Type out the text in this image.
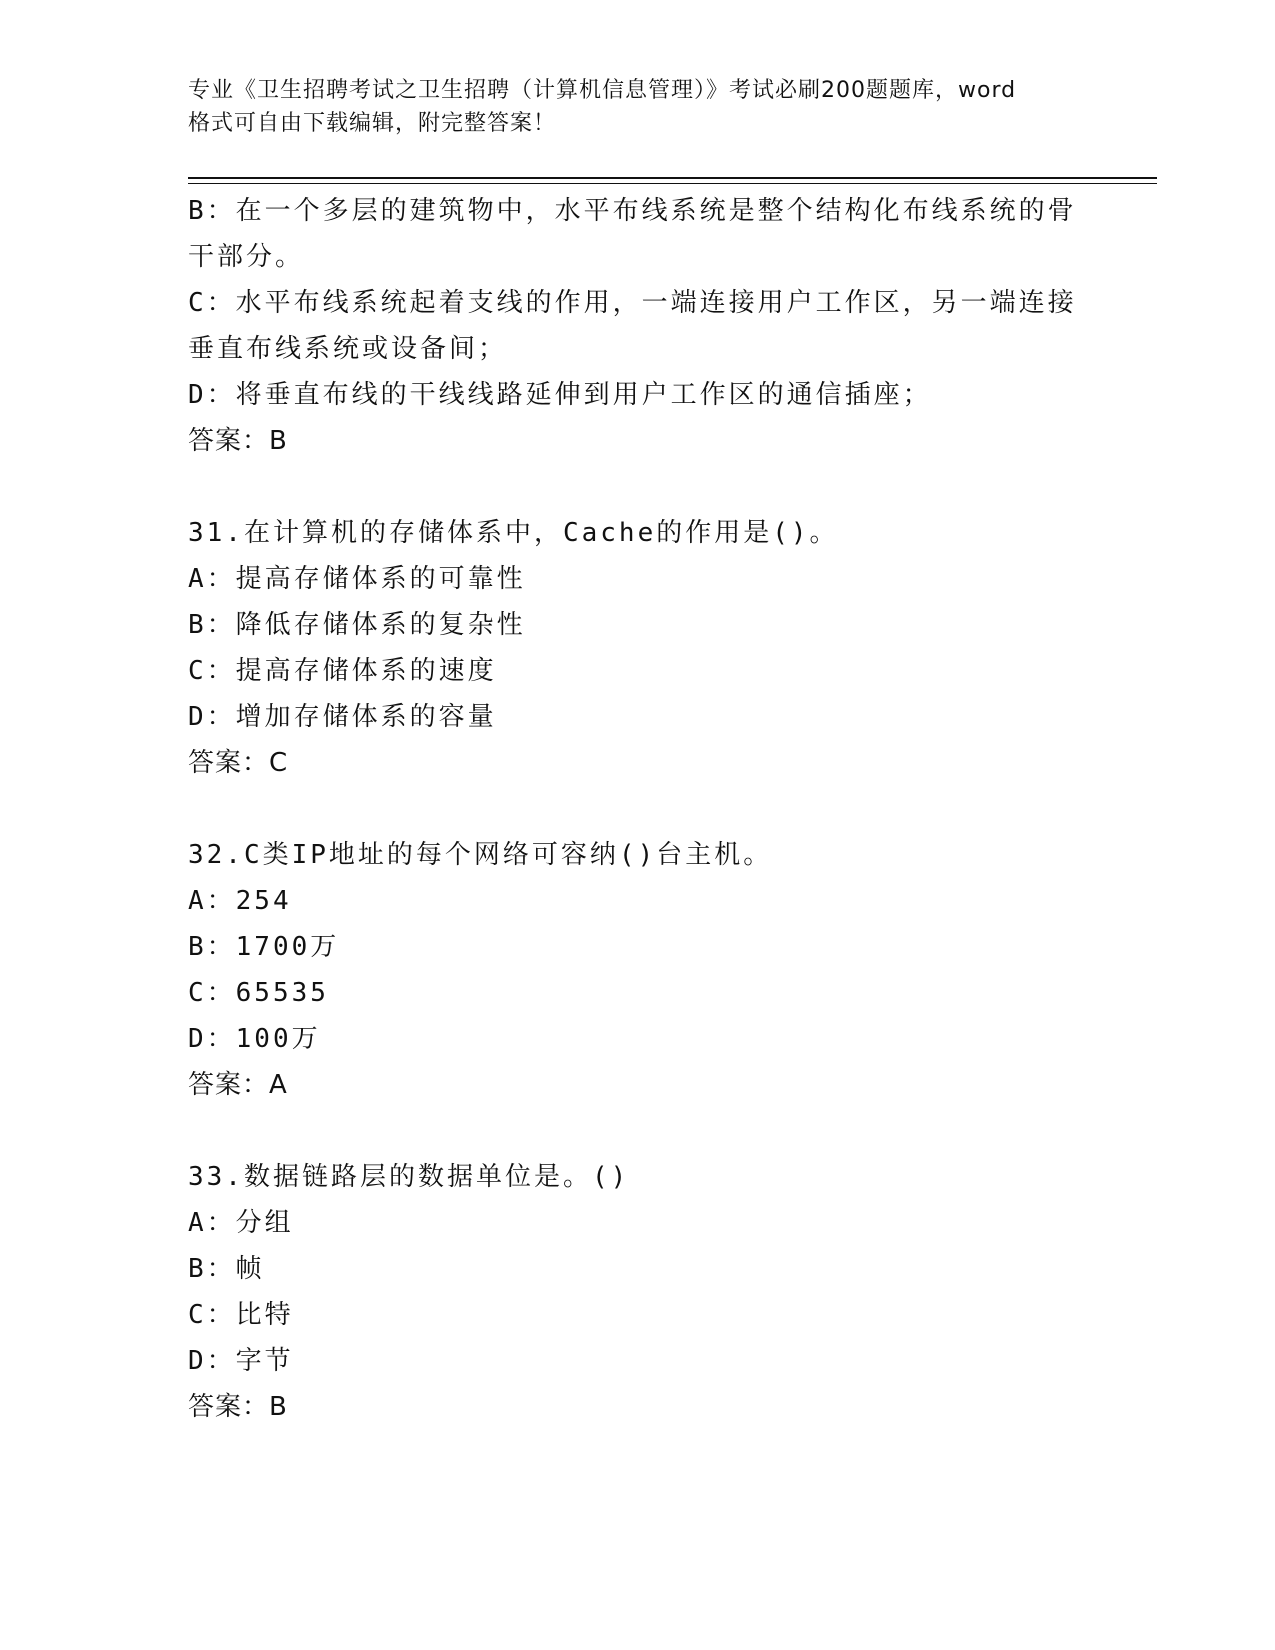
专业《卫生招聘考试之卫生招聘（计算机信息管理）》考试必刷200题题库，word
格式可自由下载编辑，附完整答案！
B：在一个多层的建筑物中，水平布线系统是整个结构化布线系统的骨
干部分。
C：水平布线系统起着支线的作用，一端连接用户工作区，另一端连接
垂直布线系统或设备间；
D：将垂直布线的干线线路延伸到用户工作区的通信插座；
答案：B
31.在计算机的存储体系中，Cache的作用是()。
A：提高存储体系的可靠性
B：降低存储体系的复杂性
C：提高存储体系的速度
D：增加存储体系的容量
答案：C
32.C类IP地址的每个网络可容纳()台主机。
A：254
B：1700万
C：65535
D：100万
答案：A
33.数据链路层的数据单位是。()
A：分组
B：帧
C：比特
D：字节
答案：B
